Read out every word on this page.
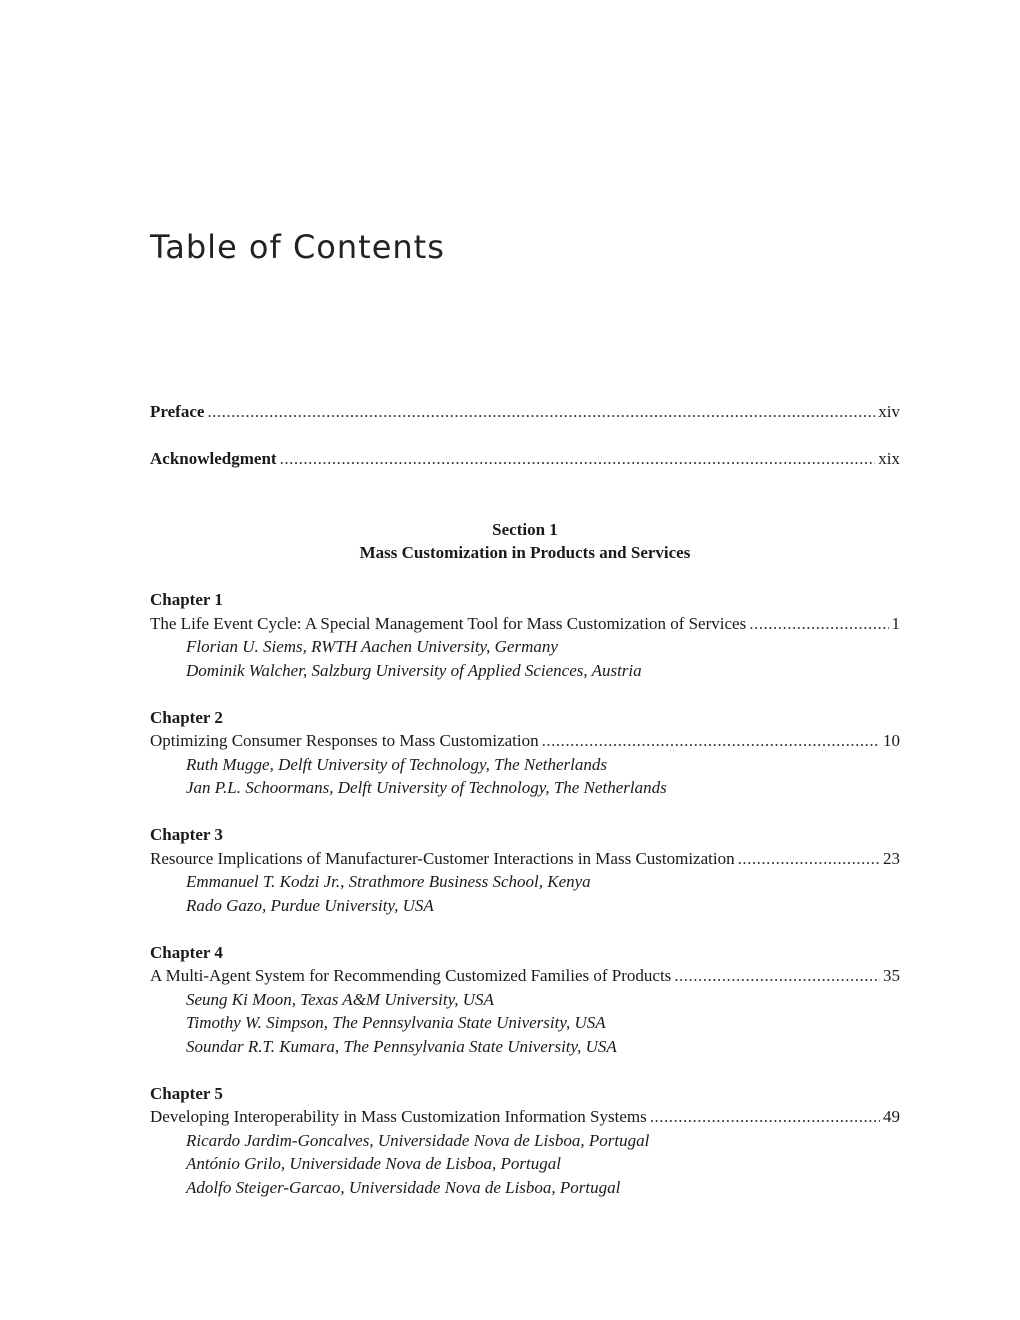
Table of Contents
Preface .....	xiv
Acknowledgment .....	xix
Section 1
Mass Customization in Products and Services
Chapter 1
The Life Event Cycle: A Special Management Tool for Mass Customization of Services .....	1
Florian U. Siems, RWTH Aachen University, Germany
Dominik Walcher, Salzburg University of Applied Sciences, Austria
Chapter 2
Optimizing Consumer Responses to Mass Customization .....	10
Ruth Mugge, Delft University of Technology, The Netherlands
Jan P.L. Schoormans, Delft University of Technology, The Netherlands
Chapter 3
Resource Implications of Manufacturer-Customer Interactions in Mass Customization .....	23
Emmanuel T. Kodzi Jr., Strathmore Business School, Kenya
Rado Gazo, Purdue University, USA
Chapter 4
A Multi-Agent System for Recommending Customized Families of Products .....	35
Seung Ki Moon, Texas A&M University, USA
Timothy W. Simpson, The Pennsylvania State University, USA
Soundar R.T. Kumara, The Pennsylvania State University, USA
Chapter 5
Developing Interoperability in Mass Customization Information Systems .....	49
Ricardo Jardim-Goncalves, Universidade Nova de Lisboa, Portugal
António Grilo, Universidade Nova de Lisboa, Portugal
Adolfo Steiger-Garcao, Universidade Nova de Lisboa, Portugal
